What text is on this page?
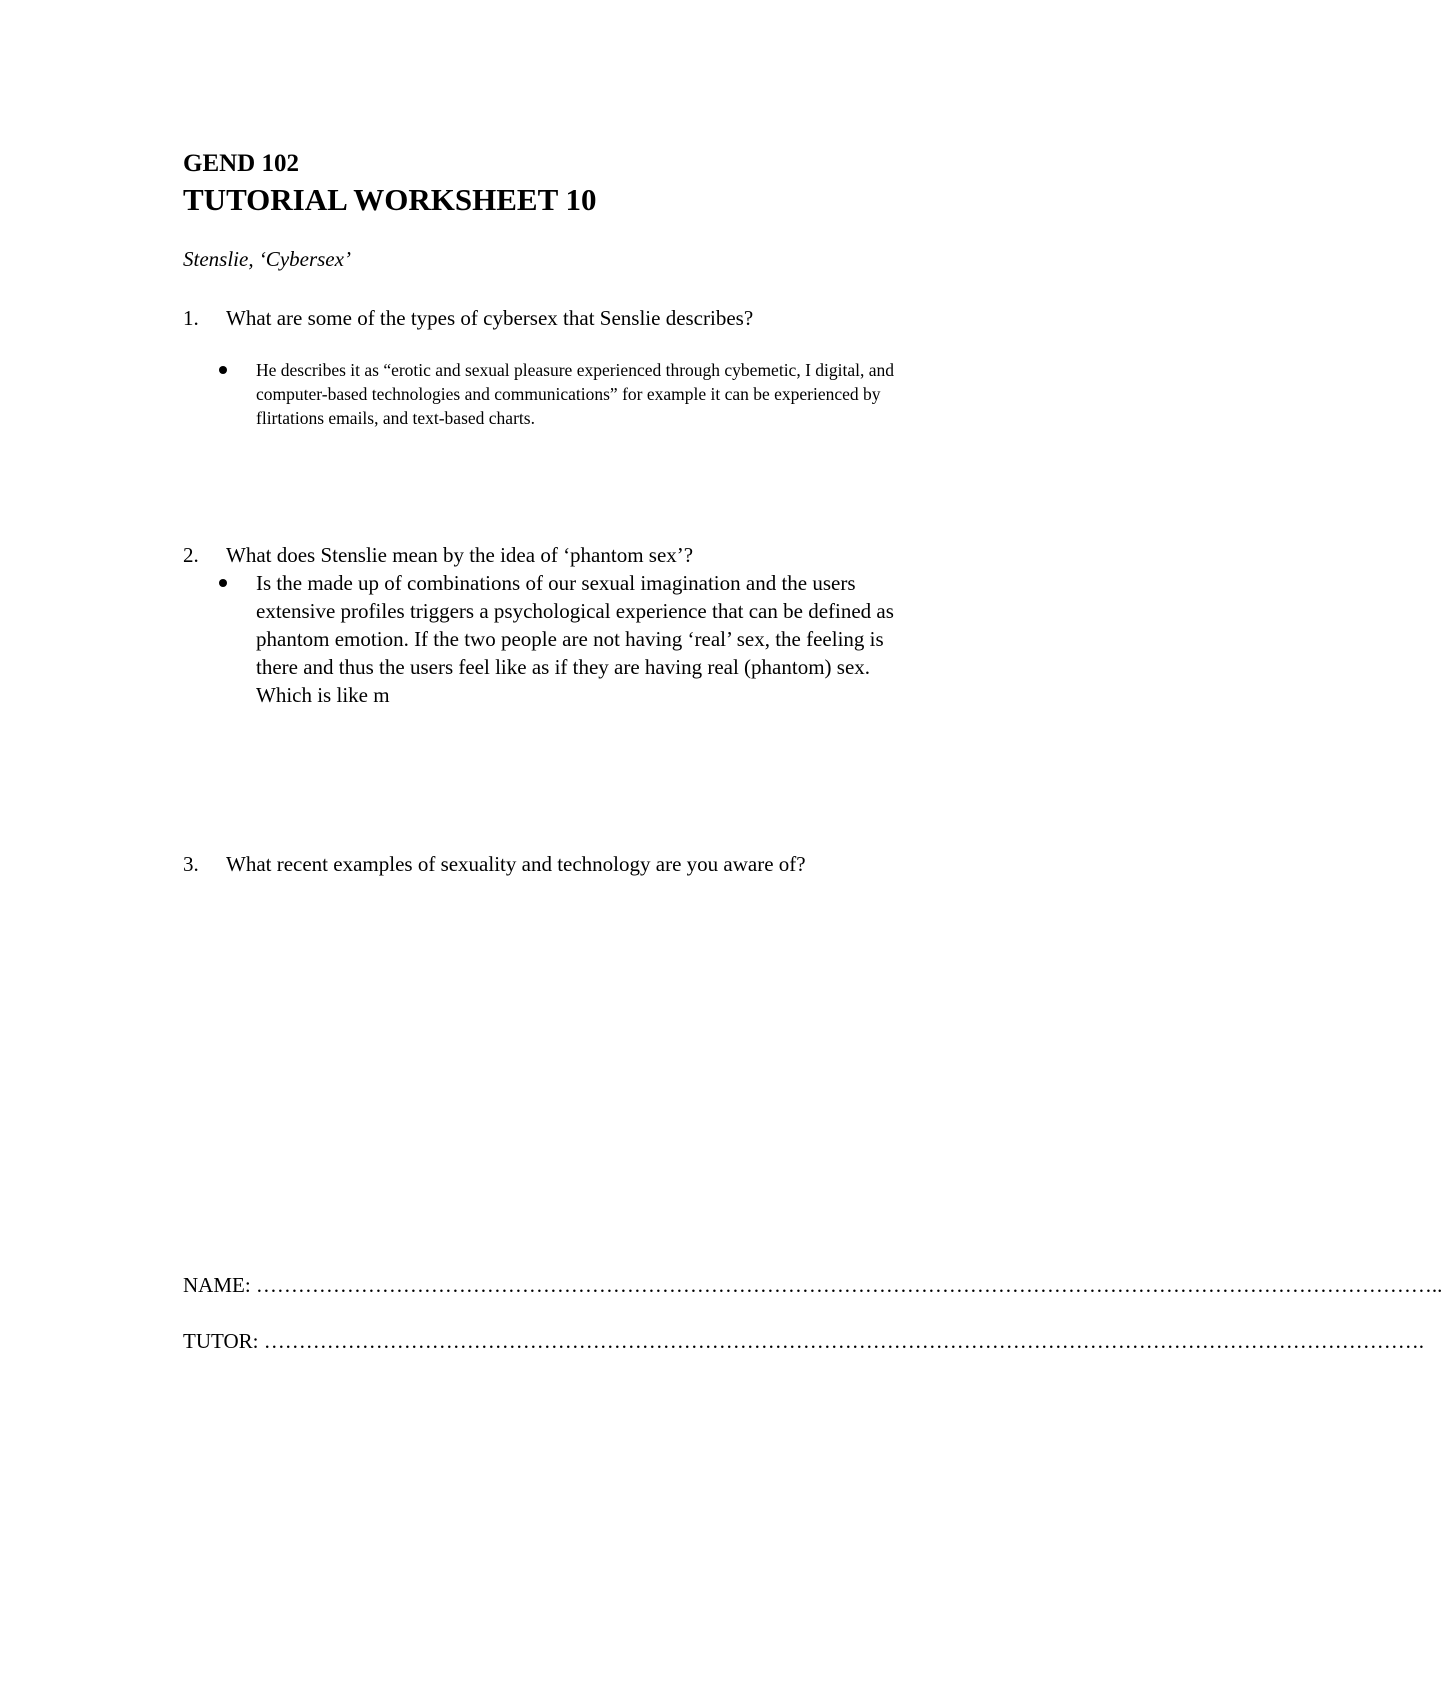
GEND 102
TUTORIAL WORKSHEET 10
Stenslie, ‘Cybersex’
1. What are some of the types of cybersex that Senslie describes?
He describes it as “erotic and sexual pleasure experienced through cybemetic, I digital, and
computer-based technologies and communications” for example it can be experienced by
flirtations emails, and text-based charts.
2. What does Stenslie mean by the idea of ‘phantom sex’?
Is the made up of combinations of our sexual imagination and the users
extensive profiles triggers a psychological experience that can be defined as
phantom emotion. If the two people are not having ‘real’ sex, the feeling is
there and thus the users feel like as if they are having real (phantom) sex.
Which is like m
3. What recent examples of sexuality and technology are you aware of?
NAME: ……………………………………………………………………………………………………………………………………………………..
TUTOR: ………………………………………………………………………………………………………………………………………………….
